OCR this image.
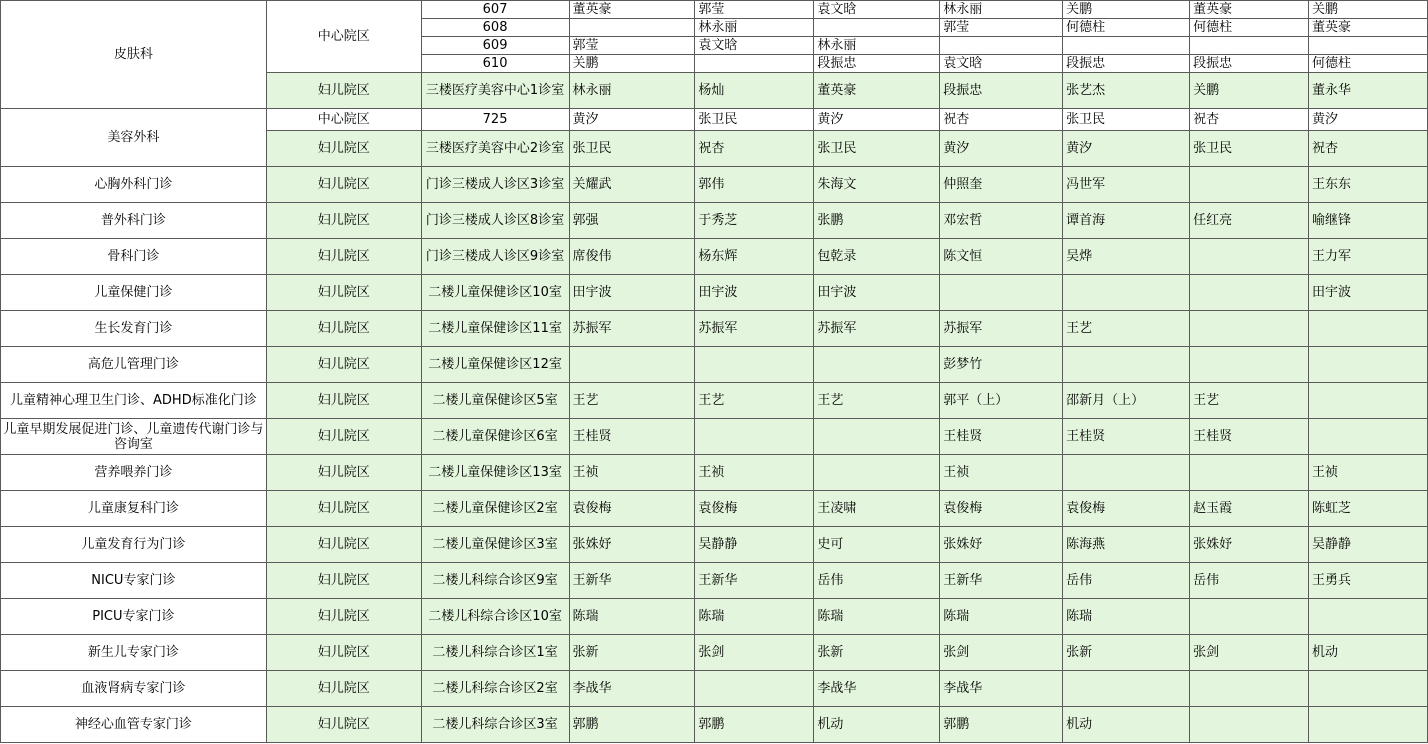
皮肤科	中心院区	607	董英豪	郭莹	袁文晗	林永丽	关鹏	董英豪	关鹏
		608		林永丽		郭莹	何德柱	何德柱	董英豪
		609	郭莹	袁文晗	林永丽				
		610	关鹏		段振忠	袁文晗	段振忠	段振忠	何德柱
	妇儿院区	三楼医疗美容中心1诊室	林永丽	杨灿	董英豪	段振忠	张艺杰	关鹏	董永华
美容外科	中心院区	725	黄汐	张卫民	黄汐	祝杏	张卫民	祝杏	黄汐
	妇儿院区	三楼医疗美容中心2诊室	张卫民	祝杏	张卫民	黄汐	黄汐	张卫民	祝杏
心胸外科门诊	妇儿院区	门诊三楼成人诊区3诊室	关耀武	郭伟	朱海文	仲照奎	冯世军		王东东
普外科门诊	妇儿院区	门诊三楼成人诊区8诊室	郭强	于秀芝	张鹏	邓宏哲	谭首海	任红亮	喻继锋
骨科门诊	妇儿院区	门诊三楼成人诊区9诊室	席俊伟	杨东辉	包乾录	陈文恒	吴烨		王力军
儿童保健门诊	妇儿院区	二楼儿童保健诊区10室	田宇波	田宇波	田宇波				田宇波
生长发育门诊	妇儿院区	二楼儿童保健诊区11室	苏振军	苏振军	苏振军	苏振军	王艺		
高危儿管理门诊	妇儿院区	二楼儿童保健诊区12室				彭梦竹			
儿童精神心理卫生门诊、ADHD标准化门诊	妇儿院区	二楼儿童保健诊区5室	王艺	王艺	王艺	郭平（上）	邵新月（上）	王艺	
儿童早期发展促进门诊、儿童遗传代谢门诊与咨询室	妇儿院区	二楼儿童保健诊区6室	王桂贤			王桂贤	王桂贤	王桂贤	
营养喂养门诊	妇儿院区	二楼儿童保健诊区13室	王祯	王祯		王祯			王祯
儿童康复科门诊	妇儿院区	二楼儿童保健诊区2室	袁俊梅	袁俊梅	王凌啸	袁俊梅	袁俊梅	赵玉霞	陈虹芝
儿童发育行为门诊	妇儿院区	二楼儿童保健诊区3室	张姝妤	吴静静	史可	张姝妤	陈海燕	张姝妤	吴静静
NICU专家门诊	妇儿院区	二楼儿科综合诊区9室	王新华	王新华	岳伟	王新华	岳伟	岳伟	王勇兵
PICU专家门诊	妇儿院区	二楼儿科综合诊区10室	陈瑞	陈瑞	陈瑞	陈瑞	陈瑞		
新生儿专家门诊	妇儿院区	二楼儿科综合诊区1室	张新	张剑	张新	张剑	张新	张剑	机动
血液肾病专家门诊	妇儿院区	二楼儿科综合诊区2室	李战华		李战华	李战华			
神经心血管专家门诊	妇儿院区	二楼儿科综合诊区3室	郭鹏	郭鹏	机动	郭鹏	机动		
